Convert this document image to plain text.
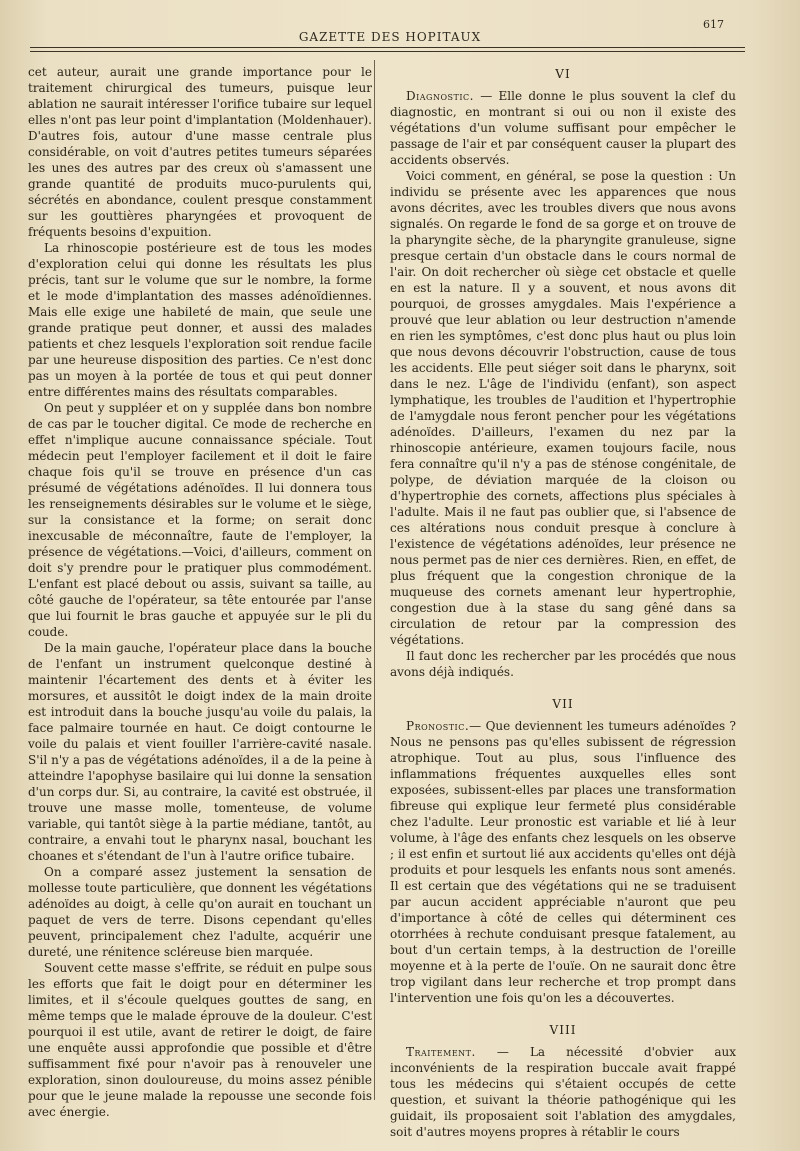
GAZETTE DES HOPITAUX
617

cet auteur, aurait une grande importance pour le traitement chirurgical des tumeurs, puisque leur ablation ne saurait intéresser l'orifice tubaire sur lequel elles n'ont pas leur point d'implantation (Moldenhauer). D'autres fois, autour d'une masse centrale plus considérable, on voit d'autres petites tumeurs séparées les unes des autres par des creux où s'amassent une grande quantité de produits muco-purulents qui, sécrétés en abondance, coulent presque constamment sur les gouttières pharyngées et provoquent de fréquents besoins d'expuition.

La rhinoscopie postérieure est de tous les modes d'exploration celui qui donne les résultats les plus précis, tant sur le volume que sur le nombre, la forme et le mode d'implantation des masses adénoïdiennes. Mais elle exige une habileté de main, que seule une grande pratique peut donner, et aussi des malades patients et chez lesquels l'exploration soit rendue facile par une heureuse disposition des parties. Ce n'est donc pas un moyen à la portée de tous et qui peut donner entre différentes mains des résultats comparables.

On peut y suppléer et on y supplée dans bon nombre de cas par le toucher digital. Ce mode de recherche en effet n'implique aucune connaissance spéciale. Tout médecin peut l'employer facilement et il doit le faire chaque fois qu'il se trouve en présence d'un cas présumé de végétations adénoïdes. Il lui donnera tous les renseignements désirables sur le volume et le siège, sur la consistance et la forme; on serait donc inexcusable de méconnaître, faute de l'employer, la présence de végétations.—Voici, d'ailleurs, comment on doit s'y prendre pour le pratiquer plus commodément. L'enfant est placé debout ou assis, suivant sa taille, au côté gauche de l'opérateur, sa tête entourée par l'anse que lui fournit le bras gauche et appuyée sur le pli du coude.

De la main gauche, l'opérateur place dans la bouche de l'enfant un instrument quelconque destiné à maintenir l'écartement des dents et à éviter les morsures, et aussitôt le doigt index de la main droite est introduit dans la bouche jusqu'au voile du palais, la face palmaire tournée en haut. Ce doigt contourne le voile du palais et vient fouiller l'arrière-cavité nasale. S'il n'y a pas de végétations adénoïdes, il a de la peine à atteindre l'apophyse basilaire qui lui donne la sensation d'un corps dur. Si, au contraire, la cavité est obstruée, il trouve une masse molle, tomenteuse, de volume variable, qui tantôt siège à la partie médiane, tantôt, au contraire, a envahi tout le pharynx nasal, bouchant les choanes et s'étendant de l'un à l'autre orifice tubaire.

On a comparé assez justement la sensation de mollesse toute particulière, que donnent les végétations adénoïdes au doigt, à celle qu'on aurait en touchant un paquet de vers de terre. Disons cependant qu'elles peuvent, principalement chez l'adulte, acquérir une dureté, une rénitence scléreuse bien marquée.

Souvent cette masse s'effrite, se réduit en pulpe sous les efforts que fait le doigt pour en déterminer les limites, et il s'écoule quelques gouttes de sang, en même temps que le malade éprouve de la douleur. C'est pourquoi il est utile, avant de retirer le doigt, de faire une enquête aussi approfondie que possible et d'être suffisamment fixé pour n'avoir pas à renouveler une exploration, sinon douloureuse, du moins assez pénible pour que le jeune malade la repousse une seconde fois avec énergie.

VI

Diagnostic. — Elle donne le plus souvent la clef du diagnostic, en montrant si oui ou non il existe des végétations d'un volume suffisant pour empêcher le passage de l'air et par conséquent causer la plupart des accidents observés.

Voici comment, en général, se pose la question : Un individu se présente avec les apparences que nous avons décrites, avec les troubles divers que nous avons signalés. On regarde le fond de sa gorge et on trouve de la pharyngite sèche, de la pharyngite granuleuse, signe presque certain d'un obstacle dans le cours normal de l'air. On doit rechercher où siège cet obstacle et quelle en est la nature. Il y a souvent, et nous avons dit pourquoi, de grosses amygdales. Mais l'expérience a prouvé que leur ablation ou leur destruction n'amende en rien les symptômes, c'est donc plus haut ou plus loin que nous devons découvrir l'obstruction, cause de tous les accidents. Elle peut siéger soit dans le pharynx, soit dans le nez. L'âge de l'individu (enfant), son aspect lymphatique, les troubles de l'audition et l'hypertrophie de l'amygdale nous feront pencher pour les végétations adénoïdes. D'ailleurs, l'examen du nez par la rhinoscopie antérieure, examen toujours facile, nous fera connaître qu'il n'y a pas de sténose congénitale, de polype, de déviation marquée de la cloison ou d'hypertrophie des cornets, affections plus spéciales à l'adulte. Mais il ne faut pas oublier que, si l'absence de ces altérations nous conduit presque à conclure à l'existence de végétations adénoïdes, leur présence ne nous permet pas de nier ces dernières. Rien, en effet, de plus fréquent que la congestion chronique de la muqueuse des cornets amenant leur hypertrophie, congestion due à la stase du sang gêné dans sa circulation de retour par la compression des végétations.

Il faut donc les rechercher par les procédés que nous avons déjà indiqués.

VII

Pronostic.— Que deviennent les tumeurs adénoïdes ? Nous ne pensons pas qu'elles subissent de régression atrophique. Tout au plus, sous l'influence des inflammations fréquentes auxquelles elles sont exposées, subissent-elles par places une transformation fibreuse qui explique leur fermeté plus considérable chez l'adulte. Leur pronostic est variable et lié à leur volume, à l'âge des enfants chez lesquels on les observe ; il est enfin et surtout lié aux accidents qu'elles ont déjà produits et pour lesquels les enfants nous sont amenés. Il est certain que des végétations qui ne se traduisent par aucun accident appréciable n'auront que peu d'importance à côté de celles qui déterminent ces otorrhées à rechute conduisant presque fatalement, au bout d'un certain temps, à la destruction de l'oreille moyenne et à la perte de l'ouïe. On ne saurait donc être trop vigilant dans leur recherche et trop prompt dans l'intervention une fois qu'on les a découvertes.

VIII

Traitement. — La nécessité d'obvier aux inconvénients de la respiration buccale avait frappé tous les médecins qui s'étaient occupés de cette question, et suivant la théorie pathogénique qui les guidait, ils proposaient soit l'ablation des amygdales, soit d'autres moyens propres à rétablir le cours
